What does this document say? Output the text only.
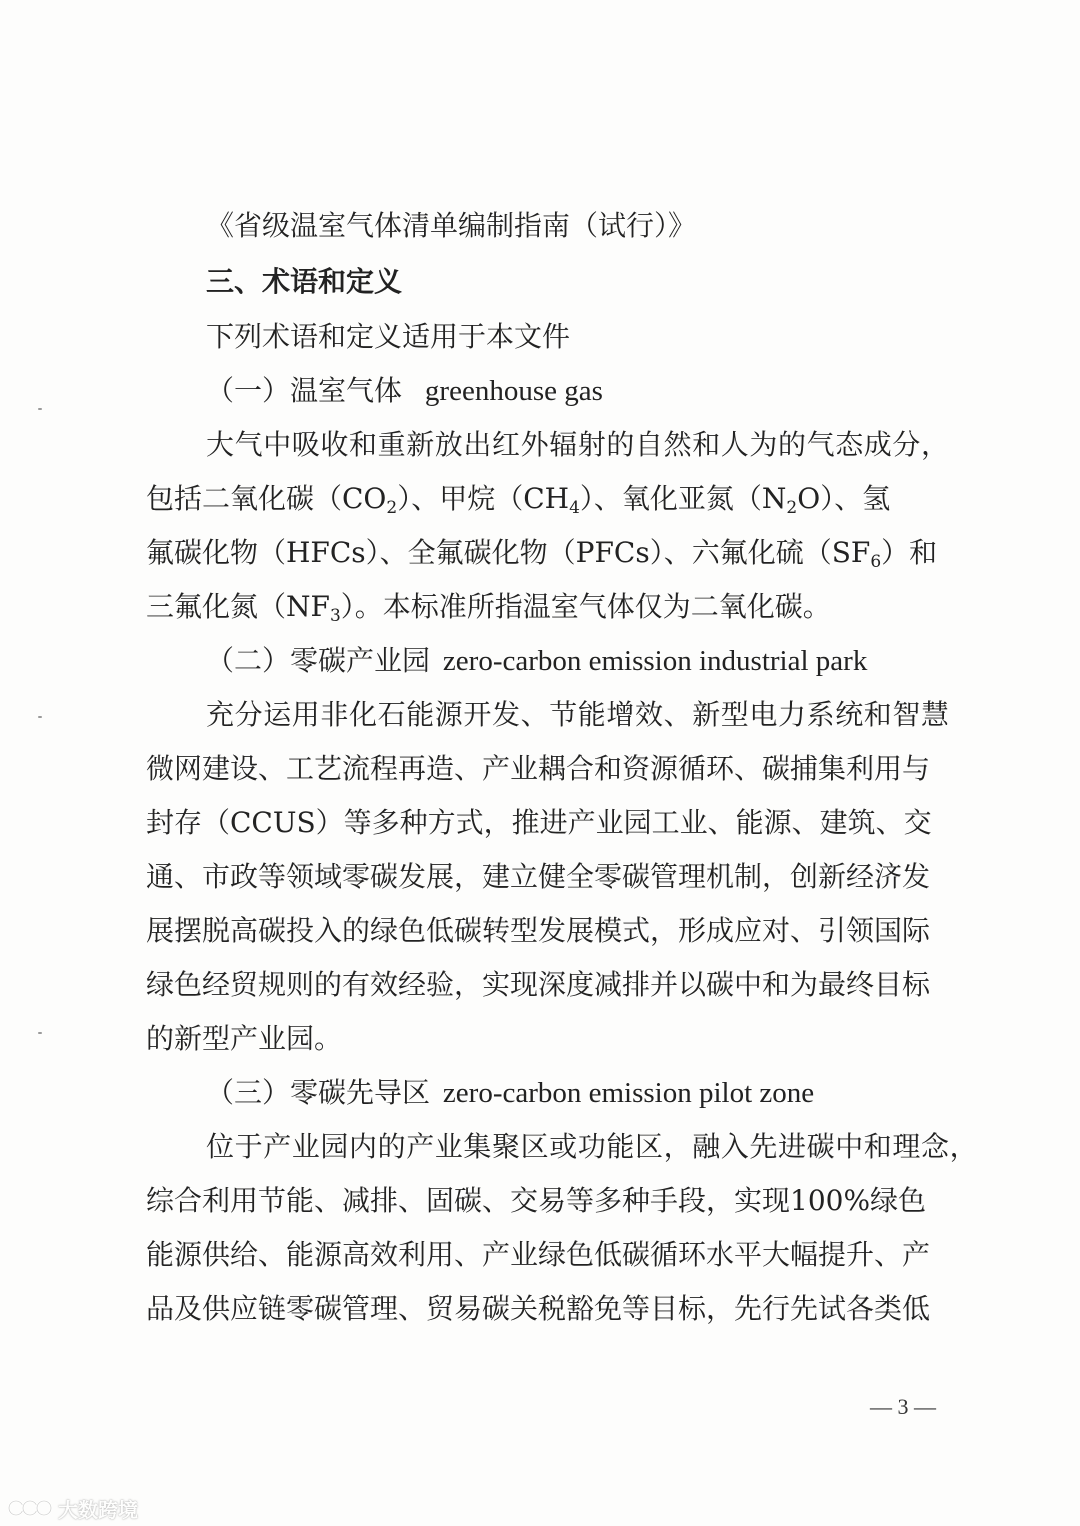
《省级温室气体清单编制指南（试行）》
三、术语和定义
下列术语和定义适用于本文件
（一）温室气体 greenhouse gas
大气中吸收和重新放出红外辐射的自然和人为的气态成分，
包括二氧化碳$(CO_2)$、甲烷$(CH_4)$、氧化亚氮$(N_2O)$、氢
氟碳化物（HFCs）、全氟碳化物（PFCs）、六氟化硫$(SF_6)$和
三氟化氮$(NF_3)$。本标准所指温室气体仅为二氧化碳。
（二）零碳产业园 zero-carbon emission industrial park
充分运用非化石能源开发、节能增效、新型电力系统和智慧
微网建设、工艺流程再造、产业耦合和资源循环、碳捕集利用与
封存（CCUS）等多种方式，推进产业园工业、能源、建筑、交
通、市政等领域零碳发展，建立健全零碳管理机制，创新经济发
展摆脱高碳投入的绿色低碳转型发展模式，形成应对、引领国际
绿色经贸规则的有效经验，实现深度减排并以碳中和为最终目标
的新型产业园。
（三）零碳先导区 zero-carbon emission pilot zone
位于产业园内的产业集聚区或功能区，融入先进碳中和理念，
综合利用节能、减排、固碳、交易等多种手段，实现100%绿色
能源供给、能源高效利用、产业绿色低碳循环水平大幅提升、产
品及供应链零碳管理、贸易碳关税豁免等目标，先行先试各类低
— 3 —
大数跨境
